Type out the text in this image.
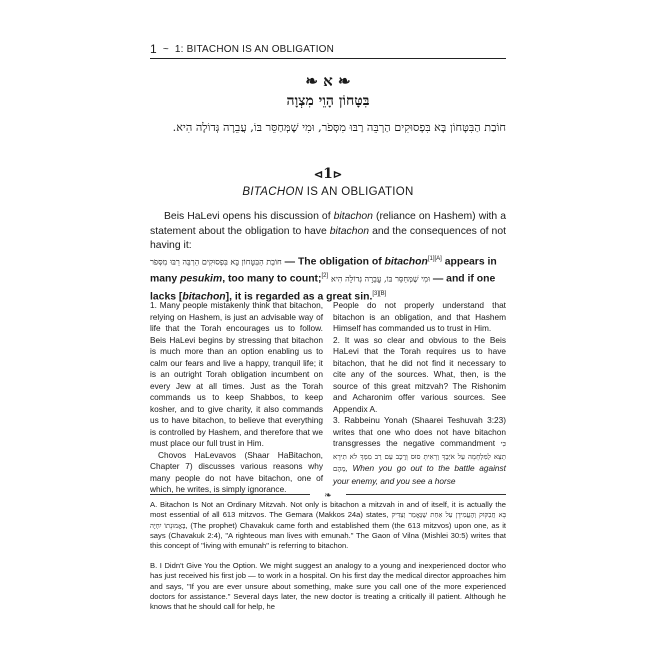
1 ~ 1: BITACHON IS AN OBLIGATION
❧ א ❧
בִּטָּחוֹן הָוֵי מִצְוָה
חוֹבַת הַבִּטָּחוֹן בָּא בִּפְסוּקִים הַרְבֵּה רַבּוּ מִסְּפֹר, וּמִי שֶׁמְּחַסֵּר בּוֹ, עֲבֵרָה גְּדוֹלָה הִיא.
⊲1⊳
BITACHON IS AN OBLIGATION
Beis HaLevi opens his discussion of bitachon (reliance on Hashem) with a statement about the obligation to have bitachon and the consequences of not having it:
חוֹבַת הַבִּטָּחוֹן בָּא בִּפְסוּקִים הַרְבֵּה רַבּוּ מִסְּפֹר — The obligation of bitachon[1][A] appears in many pesukim, too many to count;[2] וּמִי שֶׁמְּחַסֵּר בּוֹ, עֲבֵרָה גְּדוֹלָה הִיא — and if one lacks [bitachon], it is regarded as a great sin.[3][B]

1. Many people mistakenly think that bitachon, relying on Hashem, is just an advisable way of life that the Torah encourages us to follow. Beis HaLevi begins by stressing that bitachon is much more than an option enabling us to calm our fears and live a happy, tranquil life; it is an outright Torah obligation incumbent on every Jew at all times. Just as the Torah commands us to keep Shabbos, to keep kosher, and to give charity, it also commands us to have bitachon, to believe that everything is controlled by Hashem, and therefore that we must place our full trust in Him.

Chovos HaLevavos (Shaar HaBitachon, Chapter 7) discusses various reasons why many people do not have bitachon, one of which, he writes, is simply ignorance.

People do not properly understand that bitachon is an obligation, and that Hashem Himself has commanded us to trust in Him.

2. It was so clear and obvious to the Beis HaLevi that the Torah requires us to have bitachon, that he did not find it necessary to cite any of the sources. What, then, is the source of this great mitzvah? The Rishonim and Acharonim offer various sources. See Appendix A.

3. Rabbeinu Yonah (Shaarei Teshuvah 3:23) writes that one who does not have bitachon transgresses the negative commandment כִּי תֵצֵא לַמִּלְחָמָה עַל אֹיְבֶךָ וְרָאִיתָ סוּס וָרֶכֶב עַם רַב מִמְּךָ לֹא תִירָא מֵהֶם, When you go out to the battle against your enemy, and you see a horse

❧
A. Bitachon Is Not an Ordinary Mitzvah. Not only is bitachon a mitzvah in and of itself, it is actually the most essential of all 613 mitzvos. The Gemara (Makkos 24a) states, בָּא חֲבַקּוּק וְהֶעֱמִידָן עַל אַחַת שֶׁנֶּאֱמַר וְצַדִּיק בֶּאֱמוּנָתוֹ יִחְיֶה, (The prophet) Chavakuk came forth and established them (the 613 mitzvos) upon one, as it says (Chavakuk 2:4), "A righteous man lives with emunah." The Gaon of Vilna (Mishlei 30:5) writes that this concept of "living with emunah" is referring to bitachon.
B. I Didn't Give You the Option. We might suggest an analogy to a young and inexperienced doctor who has just received his first job — to work in a hospital. On his first day the medical director approaches him and says, "If you are ever unsure about something, make sure you call one of the more experienced doctors for assistance." Several days later, the new doctor is treating a critically ill patient. Although he knows that he should call for help, he
